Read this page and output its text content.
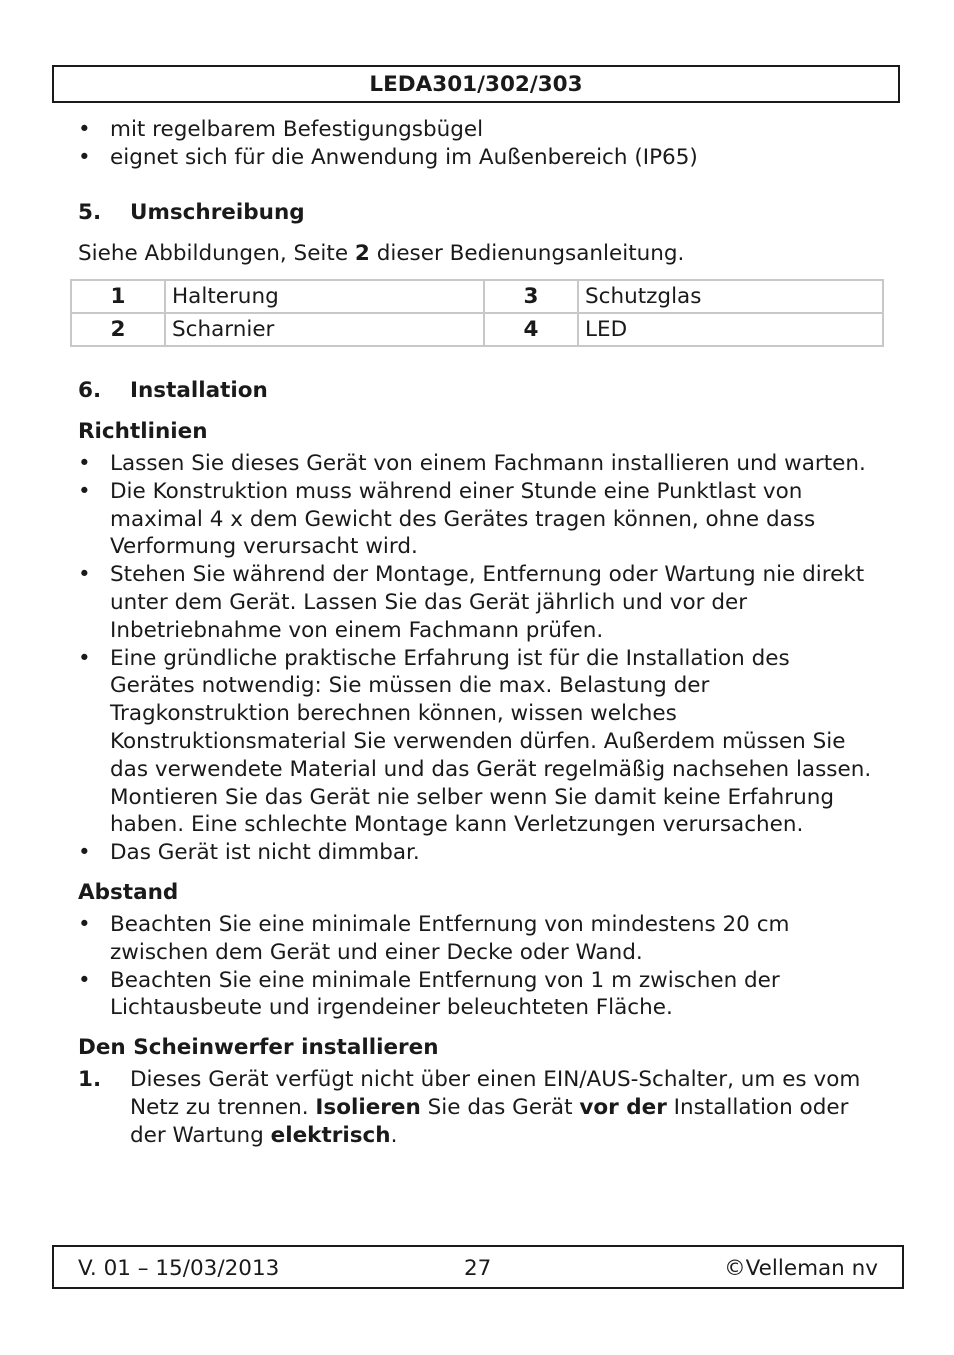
LEDA301/302/303
• mit regelbarem Befestigungsbügel
• eignet sich für die Anwendung im Außenbereich (IP65)
5.	Umschreibung

Siehe Abbildungen, Seite 2 dieser Bedienungsanleitung.

1	Halterung	3	Schutzglas
2	Scharnier	4	LED
6.	Installation
Richtlinien
• Lassen Sie dieses Gerät von einem Fachmann installieren und warten.
• Die Konstruktion muss während einer Stunde eine Punktlast von maximal 4 x dem Gewicht des Gerätes tragen können, ohne dass Verformung verursacht wird.
• Stehen Sie während der Montage, Entfernung oder Wartung nie direkt unter dem Gerät. Lassen Sie das Gerät jährlich und vor der Inbetriebnahme von einem Fachmann prüfen.
• Eine gründliche praktische Erfahrung ist für die Installation des Gerätes notwendig: Sie müssen die max. Belastung der Tragkonstruktion berechnen können, wissen welches Konstruktionsmaterial Sie verwenden dürfen. Außerdem müssen Sie das verwendete Material und das Gerät regelmäßig nachsehen lassen. Montieren Sie das Gerät nie selber wenn Sie damit keine Erfahrung haben. Eine schlechte Montage kann Verletzungen verursachen.
• Das Gerät ist nicht dimmbar.
Abstand
• Beachten Sie eine minimale Entfernung von mindestens 20 cm zwischen dem Gerät und einer Decke oder Wand.
• Beachten Sie eine minimale Entfernung von 1 m zwischen der Lichtausbeute und irgendeiner beleuchteten Fläche.
Den Scheinwerfer installieren
1. Dieses Gerät verfügt nicht über einen EIN/AUS-Schalter, um es vom Netz zu trennen. Isolieren Sie das Gerät vor der Installation oder der Wartung elektrisch.
V. 01 – 15/03/2013	27	©Velleman nv
